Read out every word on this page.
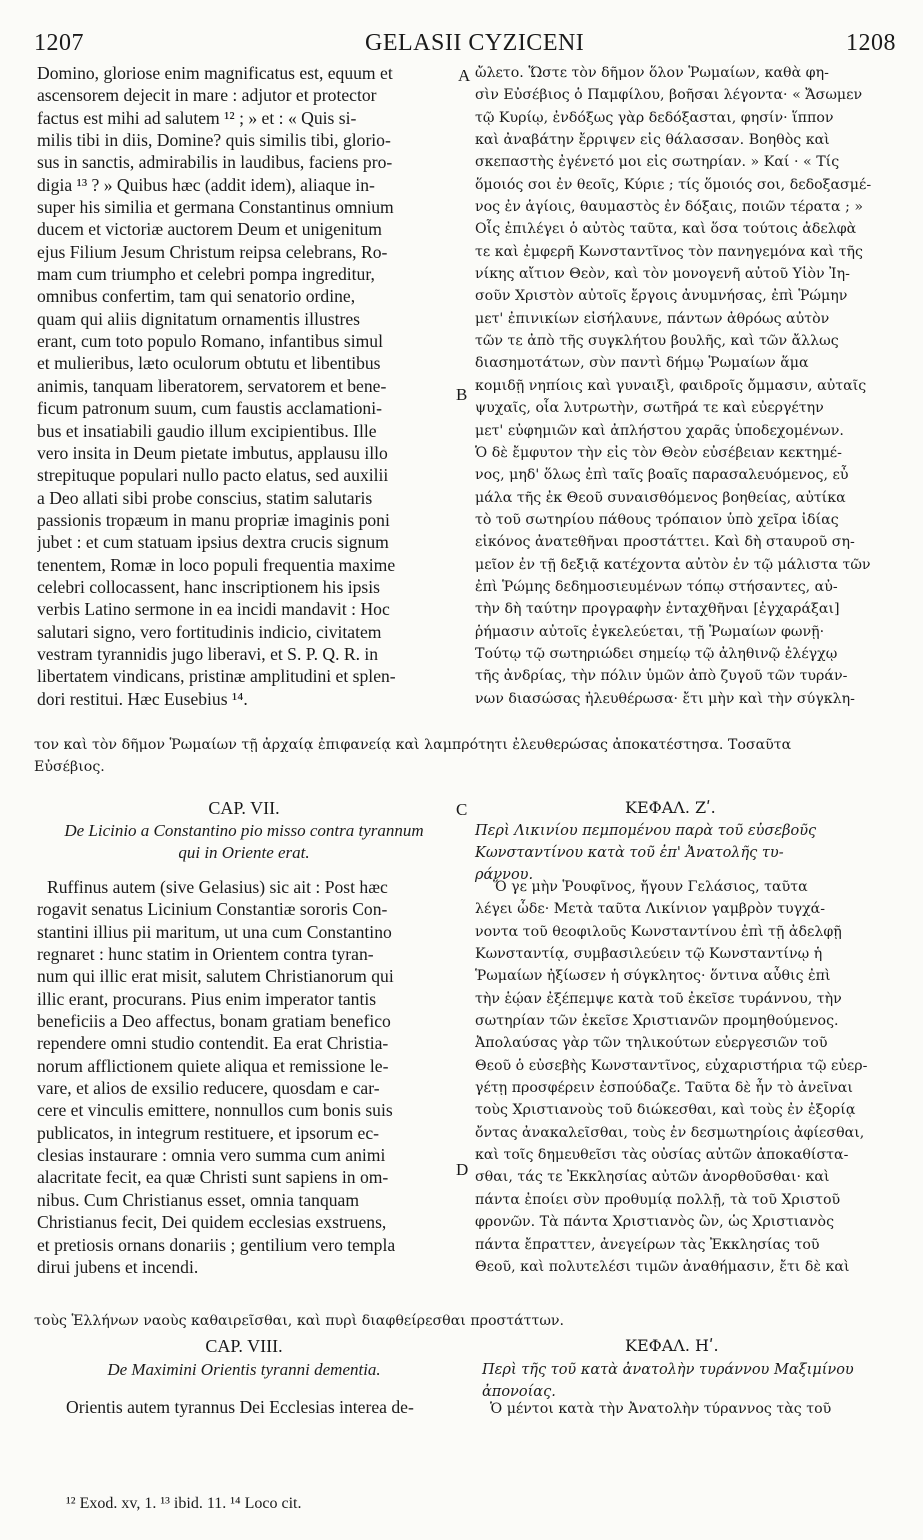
1207	GELASII CYZICENI	1208
A
B
C
D
Domino, gloriose enim magnificatus est, equum et
ascensorem dejecit in mare : adjutor et protector
factus est mihi ad salutem ¹² ; » et : « Quis si-
milis tibi in diis, Domine? quis similis tibi, glorio-
sus in sanctis, admirabilis in laudibus, faciens pro-
digia ¹³ ? » Quibus hæc (addit idem), aliaque in-
super his similia et germana Constantinus omnium
ducem et victoriæ auctorem Deum et unigenitum
ejus Filium Jesum Christum reipsa celebrans, Ro-
mam cum triumpho et celebri pompa ingreditur,
omnibus confertim, tam qui senatorio ordine,
quam qui aliis dignitatum ornamentis illustres
erant, cum toto populo Romano, infantibus simul
et mulieribus, læto oculorum obtutu et libentibus
animis, tanquam liberatorem, servatorem et bene-
ficum patronum suum, cum faustis acclamationi-
bus et insatiabili gaudio illum excipientibus. Ille
vero insita in Deum pietate imbutus, applausu illo
strepituque populari nullo pacto elatus, sed auxilii
a Deo allati sibi probe conscius, statim salutaris
passionis tropæum in manu propriæ imaginis poni
jubet : et cum statuam ipsius dextra crucis signum
tenentem, Romæ in loco populi frequentia maxime
celebri collocassent, hanc inscriptionem his ipsis
verbis Latino sermone in ea incidi mandavit : Hoc
salutari signo, vero fortitudinis indicio, civitatem
vestram tyrannidis jugo liberavi, et S. P. Q. R. in
libertatem vindicans, pristinæ amplitudini et splen-
dori restitui. Hæc Eusebius ¹⁴.
ὤλετο. Ὥστε τὸν δῆμον ὅλον Ῥωμαίων, καθὰ φη-
σὶν Εὐσέβιος ὁ Παμφίλου, βοῆσαι λέγοντα· « Ἄσωμεν
τῷ Κυρίῳ, ἐνδόξως γὰρ δεδόξασται, φησίν· ἵππον
καὶ ἀναβάτην ἔρριψεν εἰς θάλασσαν. Βοηθὸς καὶ
σκεπαστὴς ἐγένετό μοι εἰς σωτηρίαν. » Καί · « Τίς
ὅμοιός σοι ἐν θεοῖς, Κύριε ; τίς ὅμοιός σοι, δεδοξασμέ-
νος ἐν ἁγίοις, θαυμαστὸς ἐν δόξαις, ποιῶν τέρατα ; »
Οἷς ἐπιλέγει ὁ αὐτὸς ταῦτα, καὶ ὅσα τούτοις ἀδελφὰ
τε καὶ ἐμφερῆ Κωνσταντῖνος τὸν πανηγεμόνα καὶ τῆς
νίκης αἴτιον Θεὸν, καὶ τὸν μονογενῆ αὐτοῦ Υἱὸν Ἰη-
σοῦν Χριστὸν αὐτοῖς ἔργοις ἀνυμνήσας, ἐπὶ Ῥώμην
μετ' ἐπινικίων εἰσήλαυνε, πάντων ἀθρόως αὐτὸν
τῶν τε ἀπὸ τῆς συγκλήτου βουλῆς, καὶ τῶν ἄλλως
διασημοτάτων, σὺν παντὶ δήμῳ Ῥωμαίων ἅμα
κομιδῇ νηπίοις καὶ γυναιξὶ, φαιδροῖς ὄμμασιν, αὐταῖς
ψυχαῖς, οἷα λυτρωτὴν, σωτῆρά τε καὶ εὐεργέτην
μετ' εὐφημιῶν καὶ ἀπλήστου χαρᾶς ὑποδεχομένων.
Ὁ δὲ ἔμφυτον τὴν εἰς τὸν Θεὸν εὐσέβειαν κεκτημέ-
νος, μηδ' ὅλως ἐπὶ ταῖς βοαῖς παρασαλευόμενος, εὖ
μάλα τῆς ἐκ Θεοῦ συναισθόμενος βοηθείας, αὐτίκα
τὸ τοῦ σωτηρίου πάθους τρόπαιον ὑπὸ χεῖρα ἰδίας
εἰκόνος ἀνατεθῆναι προστάττει. Καὶ δὴ σταυροῦ ση-
μεῖον ἐν τῇ δεξιᾷ κατέχοντα αὐτὸν ἐν τῷ μάλιστα τῶν
ἐπὶ Ῥώμης δεδημοσιευμένων τόπῳ στήσαντες, αὐ-
τὴν δὴ ταύτην προγραφὴν ἐνταχθῆναι [ἐγχαράξαι]
ῥήμασιν αὐτοῖς ἐγκελεύεται, τῇ Ῥωμαίων φωνῇ·
Τούτῳ τῷ σωτηριώδει σημείῳ τῷ ἀληθινῷ ἐλέγχῳ
τῆς ἀνδρίας, τὴν πόλιν ὑμῶν ἀπὸ ζυγοῦ τῶν τυράν-
νων διασώσας ἠλευθέρωσα· ἔτι μὴν καὶ τὴν σύγκλη-
τον καὶ τὸν δῆμον Ῥωμαίων τῇ ἀρχαίᾳ ἐπιφανείᾳ καὶ λαμπρότητι ἐλευθερώσας ἀποκατέστησα. Τοσαῦτα
Εὐσέβιος.
CAP. VII.
De Licinio a Constantino pio misso contra tyrannum
qui in Oriente erat.
ΚΕΦΑΛ. Ζʹ.
Περὶ Λικινίου πεμπομένου παρὰ τοῦ εὐσεβοῦς
Κωνσταντίνου κατὰ τοῦ ἐπ' Ἀνατολῆς τυ-
ράννου.
Ruffinus autem (sive Gelasius) sic ait : Post hæc
rogavit senatus Licinium Constantiæ sororis Con-
stantini illius pii maritum, ut una cum Constantino
regnaret : hunc statim in Orientem contra tyran-
num qui illic erat misit, salutem Christianorum qui
illic erant, procurans. Pius enim imperator tantis
beneficiis a Deo affectus, bonam gratiam benefico
rependere omni studio contendit. Ea erat Christia-
norum afflictionem quiete aliqua et remissione le-
vare, et alios de exsilio reducere, quosdam e car-
cere et vinculis emittere, nonnullos cum bonis suis
publicatos, in integrum restituere, et ipsorum ec-
clesias instaurare : omnia vero summa cum animi
alacritate fecit, ea quæ Christi sunt sapiens in om-
nibus. Cum Christianus esset, omnia tanquam
Christianus fecit, Dei quidem ecclesias exstruens,
et pretiosis ornans donariis ; gentilium vero templa
dirui jubens et incendi.
Ὅ γε μὴν Ῥουφῖνος, ἤγουν Γελάσιος, ταῦτα
λέγει ὧδε· Μετὰ ταῦτα Λικίνιον γαμβρὸν τυγχά-
νοντα τοῦ θεοφιλοῦς Κωνσταντίνου ἐπὶ τῇ ἀδελφῇ
Κωνσταντίᾳ, συμβασιλεύειν τῷ Κωνσταντίνῳ ἡ
Ῥωμαίων ἠξίωσεν ἡ σύγκλητος· ὅντινα αὖθις ἐπὶ
τὴν ἑῴαν ἐξέπεμψε κατὰ τοῦ ἐκεῖσε τυράννου, τὴν
σωτηρίαν τῶν ἐκεῖσε Χριστιανῶν προμηθούμενος.
Ἀπολαύσας γὰρ τῶν τηλικούτων εὐεργεσιῶν τοῦ
Θεοῦ ὁ εὐσεβὴς Κωνσταντῖνος, εὐχαριστήρια τῷ εὐερ-
γέτῃ προσφέρειν ἐσπούδαζε. Ταῦτα δὲ ἦν τὸ ἀνεῖναι
τοὺς Χριστιανοὺς τοῦ διώκεσθαι, καὶ τοὺς ἐν ἐξορίᾳ
ὄντας ἀνακαλεῖσθαι, τοὺς ἐν δεσμωτηρίοις ἀφίεσθαι,
καὶ τοῖς δημευθεῖσι τὰς οὐσίας αὐτῶν ἀποκαθίστα-
σθαι, τάς τε Ἐκκλησίας αὐτῶν ἀνορθοῦσθαι· καὶ
πάντα ἐποίει σὺν προθυμίᾳ πολλῇ, τὰ τοῦ Χριστοῦ
φρονῶν. Τὰ πάντα Χριστιανὸς ὢν, ὡς Χριστιανὸς
πάντα ἔπραττεν, ἀνεγείρων τὰς Ἐκκλησίας τοῦ
Θεοῦ, καὶ πολυτελέσι τιμῶν ἀναθήμασιν, ἔτι δὲ καὶ
τοὺς Ἑλλήνων ναοὺς καθαιρεῖσθαι, καὶ πυρὶ διαφθείρεσθαι προστάττων.
CAP. VIII.
De Maximini Orientis tyranni dementia.
ΚΕΦΑΛ. Ηʹ.
Περὶ τῆς τοῦ κατὰ ἀνατολὴν τυράννου Μαξιμίνου
ἀπονοίας.
Orientis autem tyrannus Dei Ecclesias interea de-	Ὁ μέντοι κατὰ τὴν Ἀνατολὴν τύραννος τὰς τοῦ
¹² Exod. xv, 1. ¹³ ibid. 11. ¹⁴ Loco cit.
